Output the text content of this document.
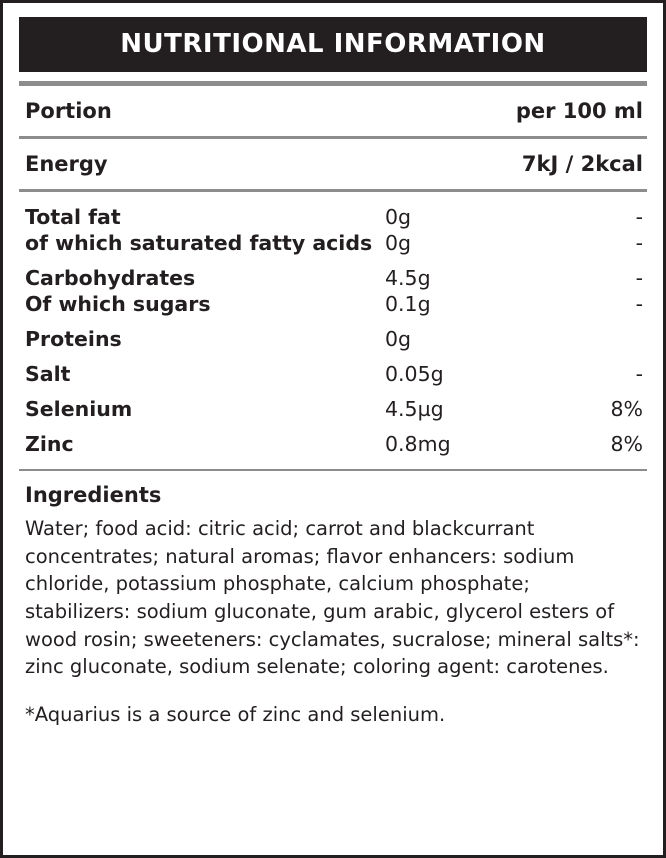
NUTRITIONAL INFORMATION
Portion	per 100 ml
Energy	7kJ / 2kcal
Total fat	0g	-
of which saturated fatty acids 0g	-
Carbohydrates	4.5g	-
Of which sugars	0.1g	-
Proteins	0g
Salt	0.05g	-
Selenium	4.5µg	8%
Zinc	0.8mg	8%
Ingredients
Water; food acid: citric acid; carrot and blackcurrant concentrates; natural aromas; flavor enhancers: sodium chloride, potassium phosphate, calcium phosphate; stabilizers: sodium gluconate, gum arabic, glycerol esters of wood rosin; sweeteners: cyclamates, sucralose; mineral salts*: zinc gluconate, sodium selenate; coloring agent: carotenes.
*Aquarius is a source of zinc and selenium.
